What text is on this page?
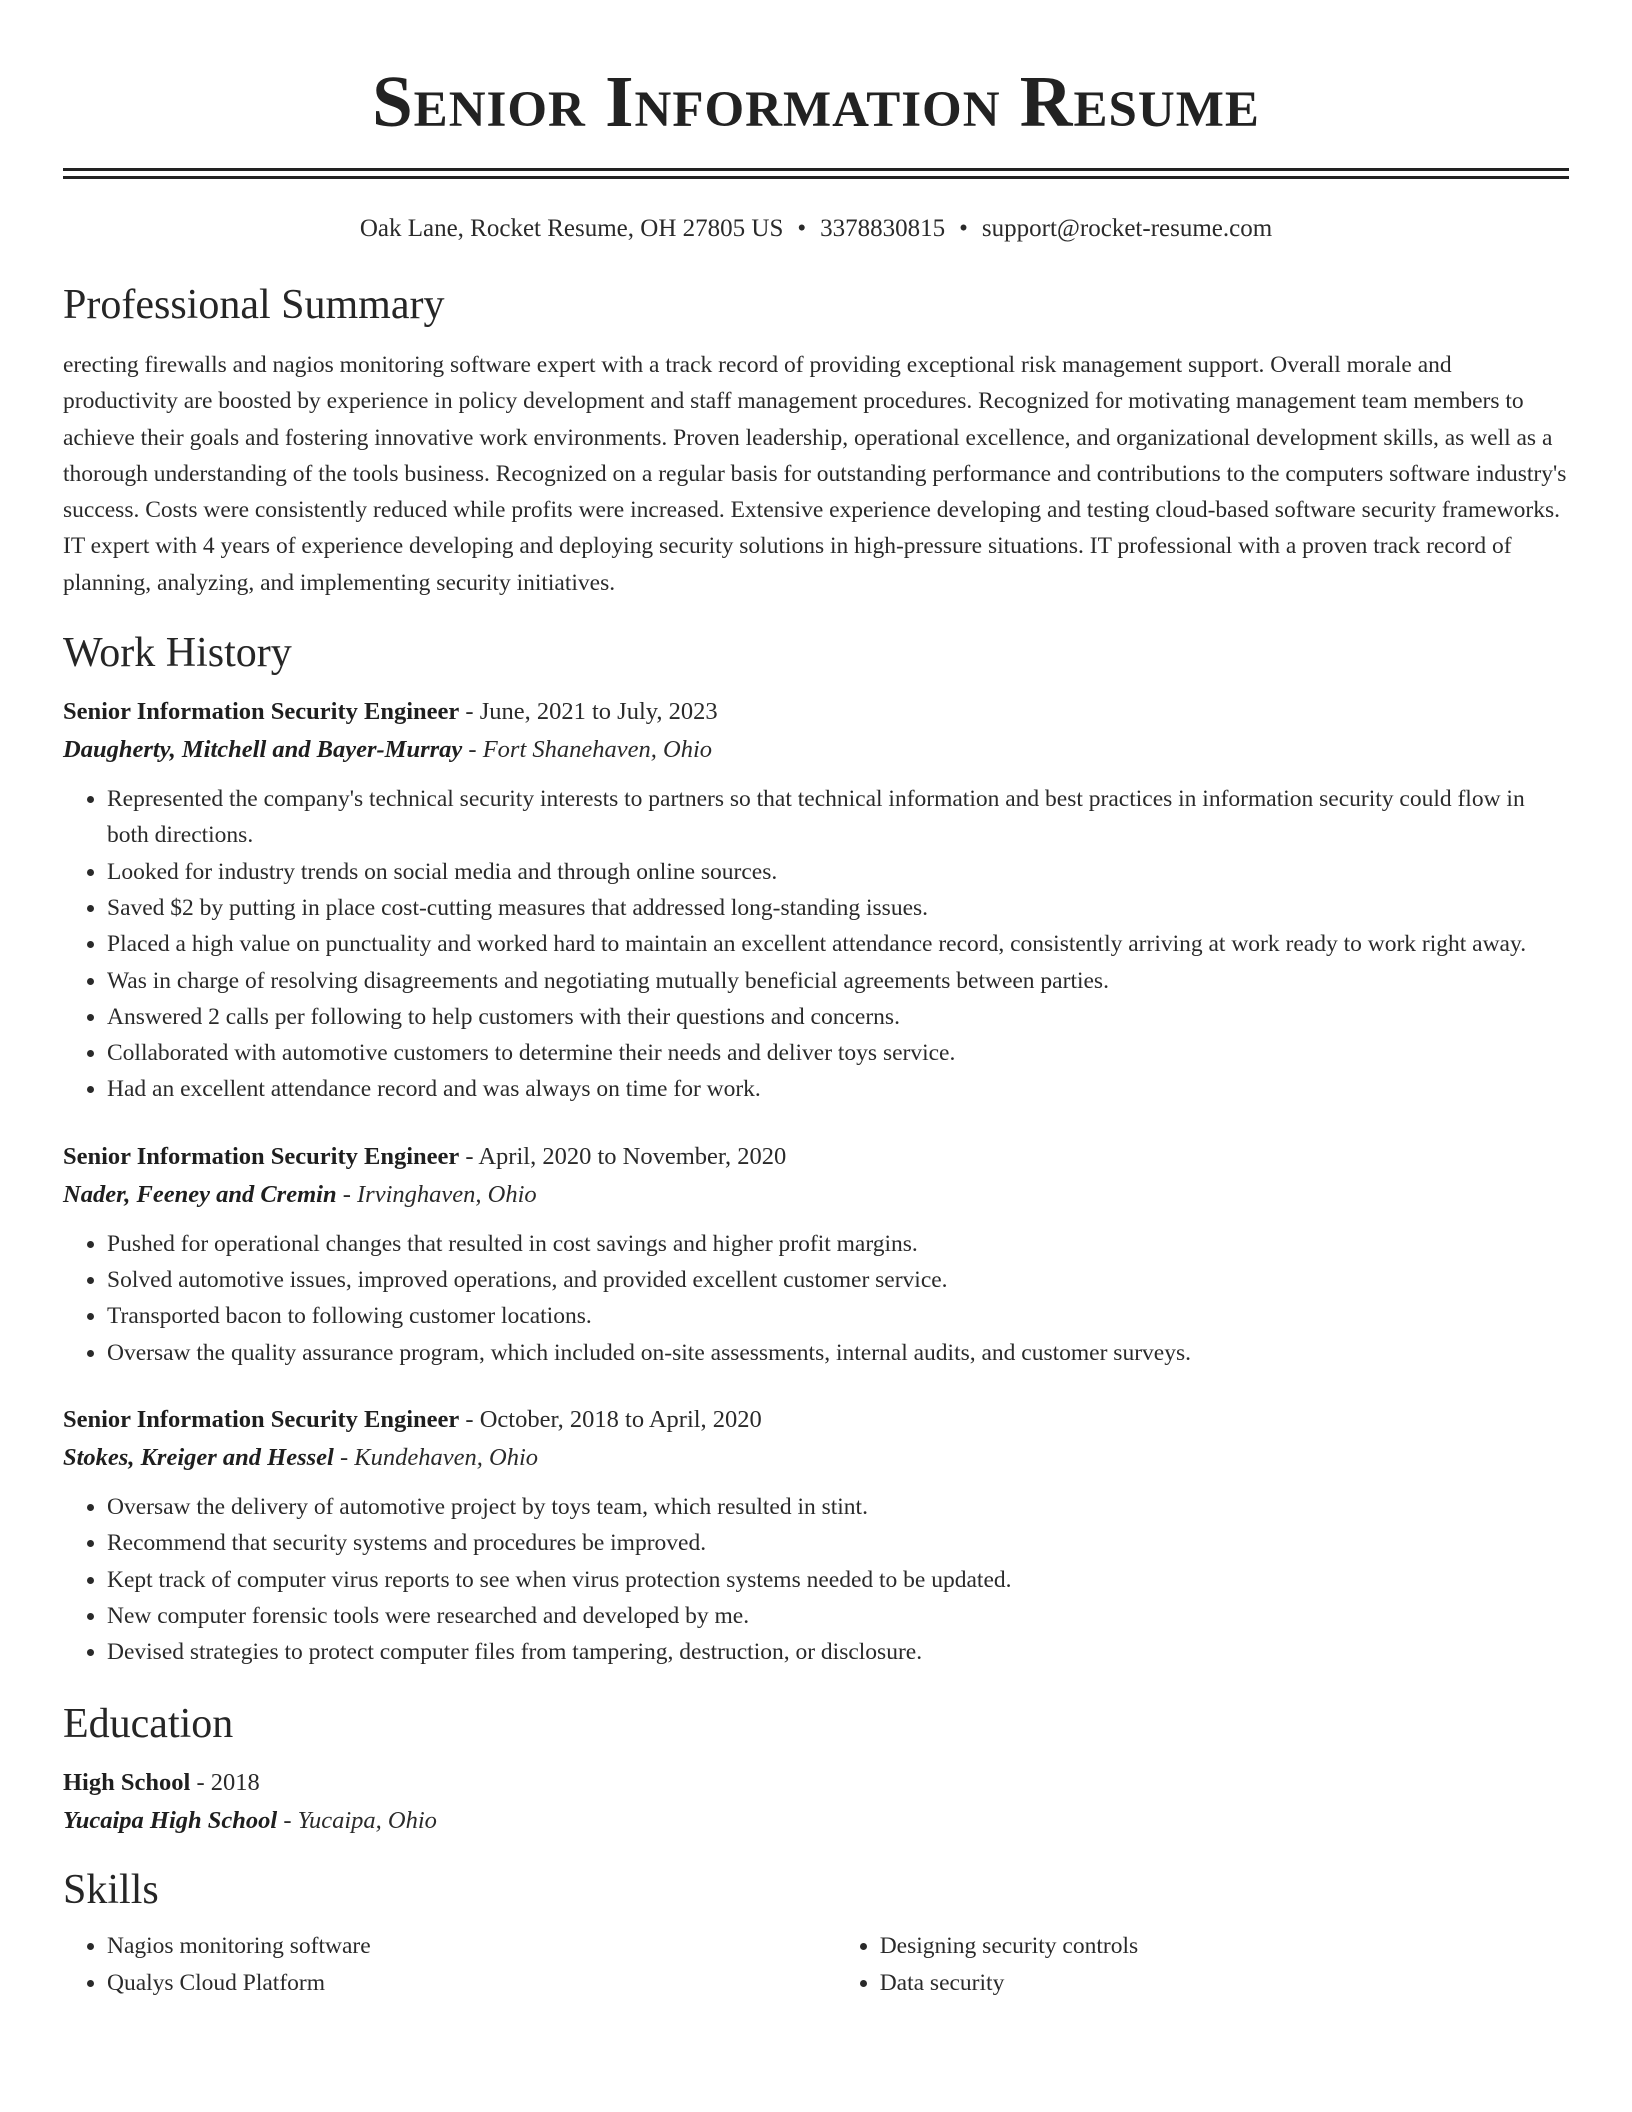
Senior Information Resume
Oak Lane, Rocket Resume, OH 27805 US • 3378830815 • support@rocket-resume.com
Professional Summary

erecting firewalls and nagios monitoring software expert with a track record of providing exceptional risk management support. Overall morale and productivity are boosted by experience in policy development and staff management procedures. Recognized for motivating management team members to achieve their goals and fostering innovative work environments. Proven leadership, operational excellence, and organizational development skills, as well as a thorough understanding of the tools business. Recognized on a regular basis for outstanding performance and contributions to the computers software industry's success. Costs were consistently reduced while profits were increased. Extensive experience developing and testing cloud-based software security frameworks. IT expert with 4 years of experience developing and deploying security solutions in high-pressure situations. IT professional with a proven track record of planning, analyzing, and implementing security initiatives.

Work History
Senior Information Security Engineer - June, 2021 to July, 2023
Daugherty, Mitchell and Bayer-Murray - Fort Shanehaven, Ohio
• Represented the company's technical security interests to partners so that technical information and best practices in information security could flow in both directions.
• Looked for industry trends on social media and through online sources.
• Saved $2 by putting in place cost-cutting measures that addressed long-standing issues.
• Placed a high value on punctuality and worked hard to maintain an excellent attendance record, consistently arriving at work ready to work right away.
• Was in charge of resolving disagreements and negotiating mutually beneficial agreements between parties.
• Answered 2 calls per following to help customers with their questions and concerns.
• Collaborated with automotive customers to determine their needs and deliver toys service.
• Had an excellent attendance record and was always on time for work.
Senior Information Security Engineer - April, 2020 to November, 2020
Nader, Feeney and Cremin - Irvinghaven, Ohio
• Pushed for operational changes that resulted in cost savings and higher profit margins.
• Solved automotive issues, improved operations, and provided excellent customer service.
• Transported bacon to following customer locations.
• Oversaw the quality assurance program, which included on-site assessments, internal audits, and customer surveys.
Senior Information Security Engineer - October, 2018 to April, 2020
Stokes, Kreiger and Hessel - Kundehaven, Ohio
• Oversaw the delivery of automotive project by toys team, which resulted in stint.
• Recommend that security systems and procedures be improved.
• Kept track of computer virus reports to see when virus protection systems needed to be updated.
• New computer forensic tools were researched and developed by me.
• Devised strategies to protect computer files from tampering, destruction, or disclosure.
Education
High School - 2018
Yucaipa High School - Yucaipa, Ohio
Skills
• Nagios monitoring software
• Qualys Cloud Platform
• Designing security controls
• Data security
